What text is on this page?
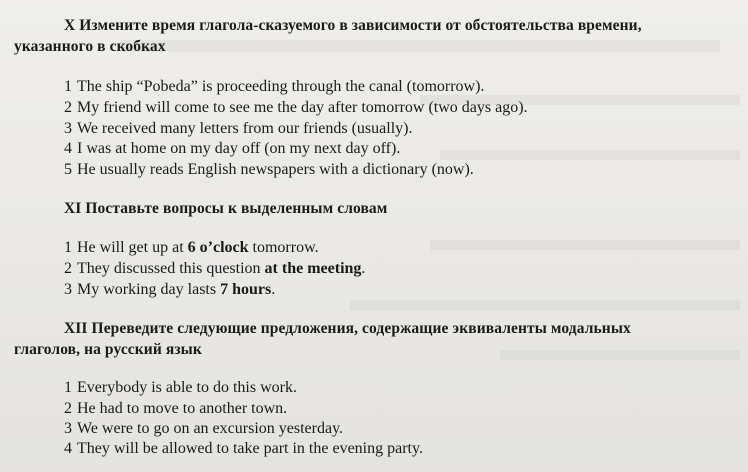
X Измените время глагола-сказуемого в зависимости от обстоятельства времени,
указанного в скобках
1 The ship “Pobeda” is proceeding through the canal (tomorrow).
2 My friend will come to see me the day after tomorrow (two days ago).
3 We received many letters from our friends (usually).
4 I was at home on my day off (on my next day off).
5 He usually reads English newspapers with a dictionary (now).
XI Поставьте вопросы к выделенным словам
1 He will get up at 6 o’clock tomorrow.
2 They discussed this question at the meeting.
3 My working day lasts 7 hours.
XII Переведите следующие предложения, содержащие эквиваленты модальных
глаголов, на русский язык
1 Everybody is able to do this work.
2 He had to move to another town.
3 We were to go on an excursion yesterday.
4 They will be allowed to take part in the evening party.
